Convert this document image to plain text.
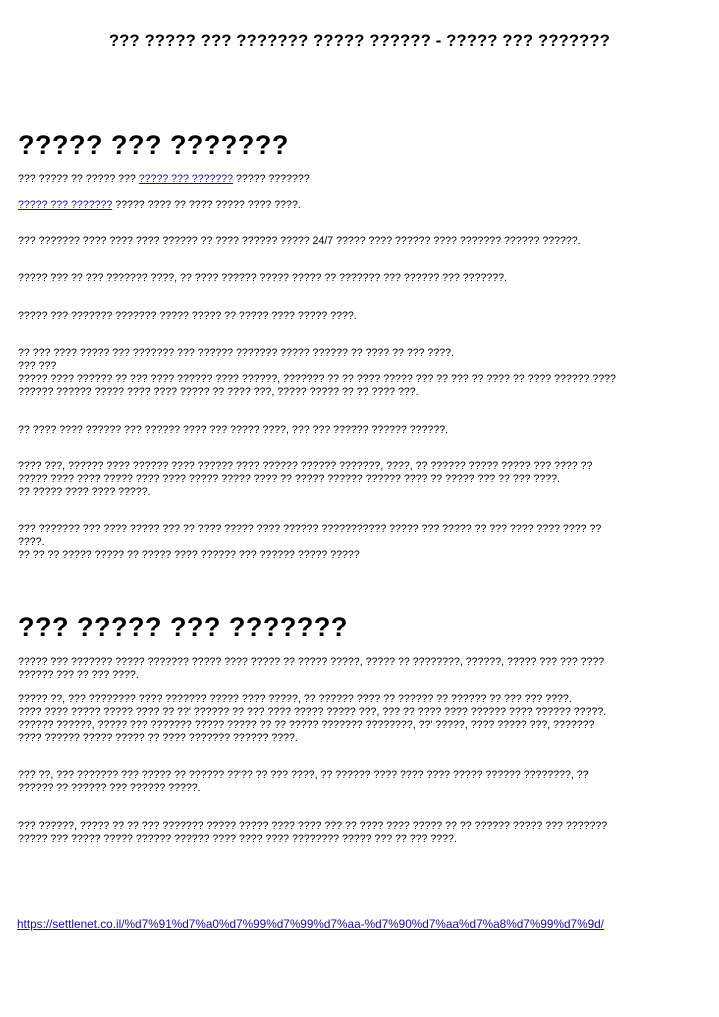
??? ????? ??? ??????? ????? ?????? - ????? ??? ???????
????? ??? ???????

??? ????? ?? ????? ??? ????? ??? ??????? ????? ???????

????? ??? ??????? ????? ???? ?? ???? ????? ???? ????.

??? ??????? ???? ???? ???? ?????? ?? ???? ?????? ????? 24/7 ????? ???? ?????? ???? ??????? ?????? ??????.

????? ??? ?? ??? ??????? ????, ?? ???? ?????? ????? ????? ?? ??????? ??? ?????? ??? ???????.

????? ??? ??????? ??????? ????? ????? ?? ????? ???? ????? ????.

?? ??? ???? ????? ??? ??????? ??? ?????? ??????? ????? ?????? ?? ???? ?? ??? ????.
??? ???
????? ???? ?????? ?? ??? ???? ?????? ???? ??????, ??????? ?? ?? ???? ????? ??? ?? ??? ?? ???? ?? ???? ?????? ????
?????? ?????? ????? ???? ???? ????? ?? ???? ???, ????? ????? ?? ?? ???? ???.

?? ???? ???? ?????? ??? ?????? ???? ??? ????? ????, ??? ??? ?????? ?????? ??????.

???? ???, ?????? ???? ?????? ???? ?????? ???? ?????? ?????? ???????, ????, ?? ?????? ????? ????? ??? ???? ??
????? ???? ???? ????? ???? ???? ????? ????? ???? ?? ????? ?????? ?????? ???? ?? ????? ??? ?? ??? ????.
?? ????? ???? ???? ?????.

??? ??????? ??? ???? ????? ??? ?? ???? ????? ???? ?????? ??????????? ????? ??? ????? ?? ??? ???? ???? ???? ??
????.
?? ?? ?? ????? ????? ?? ????? ???? ?????? ??? ?????? ????? ?????

??? ????? ??? ???????

????? ??? ??????? ????? ??????? ????? ???? ????? ?? ????? ?????, ????? ?? ????????, ??????, ????? ??? ??? ????
?????? ??? ?? ??? ????.

????? ??, ??? ???????? ???? ??????? ????? ???? ?????, ?? ?????? ???? ?? ?????? ?? ?????? ?? ??? ??? ????.
???? ???? ????? ????? ???? ?? ??' ?????? ?? ??? ???? ????? ????? ???, ??? ?? ???? ???? ?????? ???? ?????? ?????.
?????? ??????, ????? ??? ??????? ????? ????? ?? ?? ????? ??????? ????????, ??' ?????, ???? ????? ???, ???????
???? ?????? ????? ????? ?? ???? ??????? ?????? ????.

??? ??, ??? ??????? ??? ????? ?? ?????? ??'?? ?? ??? ????, ?? ?????? ???? ???? ???? ????? ?????? ????????, ??
?????? ?? ?????? ??? ?????? ?????.

??? ??????, ????? ?? ?? ??? ??????? ????? ????? ???? ???? ??? ?? ???? ???? ????? ?? ?? ?????? ????? ??? ???????
????? ??? ????? ????? ?????? ?????? ???? ???? ???? ???????? ????? ??? ?? ??? ????.

https://settlenet.co.il/%d7%91%d7%a0%d7%99%d7%99%d7%aa-%d7%90%d7%aa%d7%a8%d7%99%d7%9d/
